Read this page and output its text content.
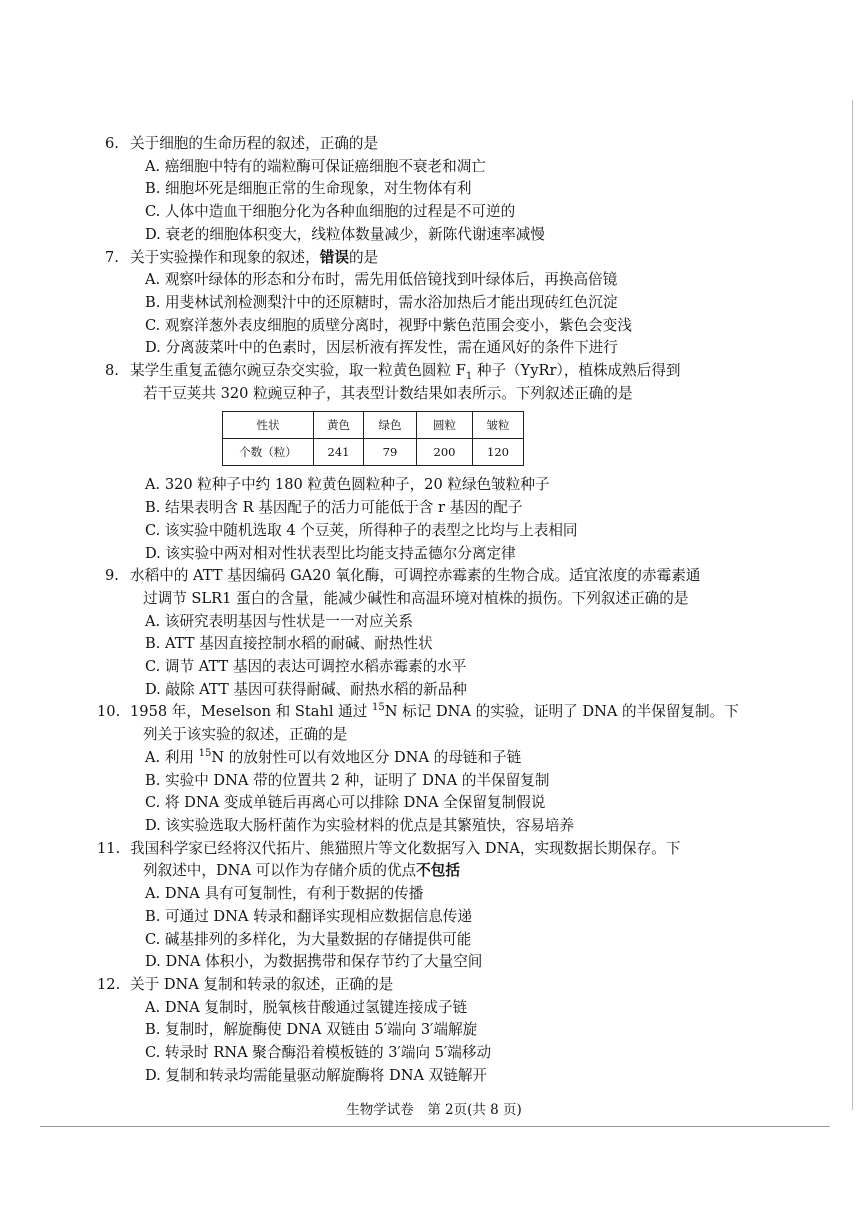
6. 关于细胞的生命历程的叙述，正确的是
A. 癌细胞中特有的端粒酶可保证癌细胞不衰老和凋亡
B. 细胞坏死是细胞正常的生命现象，对生物体有利
C. 人体中造血干细胞分化为各种血细胞的过程是不可逆的
D. 衰老的细胞体积变大，线粒体数量减少，新陈代谢速率减慢
7. 关于实验操作和现象的叙述，错误的是
A. 观察叶绿体的形态和分布时，需先用低倍镜找到叶绿体后，再换高倍镜
B. 用斐林试剂检测梨汁中的还原糖时，需水浴加热后才能出现砖红色沉淀
C. 观察洋葱外表皮细胞的质壁分离时，视野中紫色范围会变小，紫色会变浅
D. 分离菠菜叶中的色素时，因层析液有挥发性，需在通风好的条件下进行
8. 某学生重复孟德尔豌豆杂交实验，取一粒黄色圆粒 $F_1$ 种子（YyRr），植株成熟后得到
若干豆荚共 320 粒豌豆种子，其表型计数结果如表所示。下列叙述正确的是
性状	黄色	绿色	圆粒	皱粒
个数（粒）	241	79	200	120
A. 320 粒种子中约 180 粒黄色圆粒种子，20 粒绿色皱粒种子
B. 结果表明含 R 基因配子的活力可能低于含 r 基因的配子
C. 该实验中随机选取 4 个豆荚，所得种子的表型之比均与上表相同
D. 该实验中两对相对性状表型比均能支持孟德尔分离定律
9. 水稻中的 ATT 基因编码 GA20 氧化酶，可调控赤霉素的生物合成。适宜浓度的赤霉素通
过调节 SLR1 蛋白的含量，能减少碱性和高温环境对植株的损伤。下列叙述正确的是
A. 该研究表明基因与性状是一一对应关系
B. ATT 基因直接控制水稻的耐碱、耐热性状
C. 调节 ATT 基因的表达可调控水稻赤霉素的水平
D. 敲除 ATT 基因可获得耐碱、耐热水稻的新品种
10. 1958 年，Meselson 和 Stahl 通过 $^{15}$N 标记 DNA 的实验，证明了 DNA 的半保留复制。下
列关于该实验的叙述，正确的是
A. 利用 $^{15}$N 的放射性可以有效地区分 DNA 的母链和子链
B. 实验中 DNA 带的位置共 2 种，证明了 DNA 的半保留复制
C. 将 DNA 变成单链后再离心可以排除 DNA 全保留复制假说
D. 该实验选取大肠杆菌作为实验材料的优点是其繁殖快，容易培养
11. 我国科学家已经将汉代拓片、熊猫照片等文化数据写入 DNA，实现数据长期保存。下
列叙述中，DNA 可以作为存储介质的优点不包括
A. DNA 具有可复制性，有利于数据的传播
B. 可通过 DNA 转录和翻译实现相应数据信息传递
C. 碱基排列的多样化，为大量数据的存储提供可能
D. DNA 体积小，为数据携带和保存节约了大量空间
12. 关于 DNA 复制和转录的叙述，正确的是
A. DNA 复制时，脱氧核苷酸通过氢键连接成子链
B. 复制时，解旋酶使 DNA 双链由 5′端向 3′端解旋
C. 转录时 RNA 聚合酶沿着模板链的 3′端向 5′端移动
D. 复制和转录均需能量驱动解旋酶将 DNA 双链解开
生物学试卷　第 2页(共 8 页)
